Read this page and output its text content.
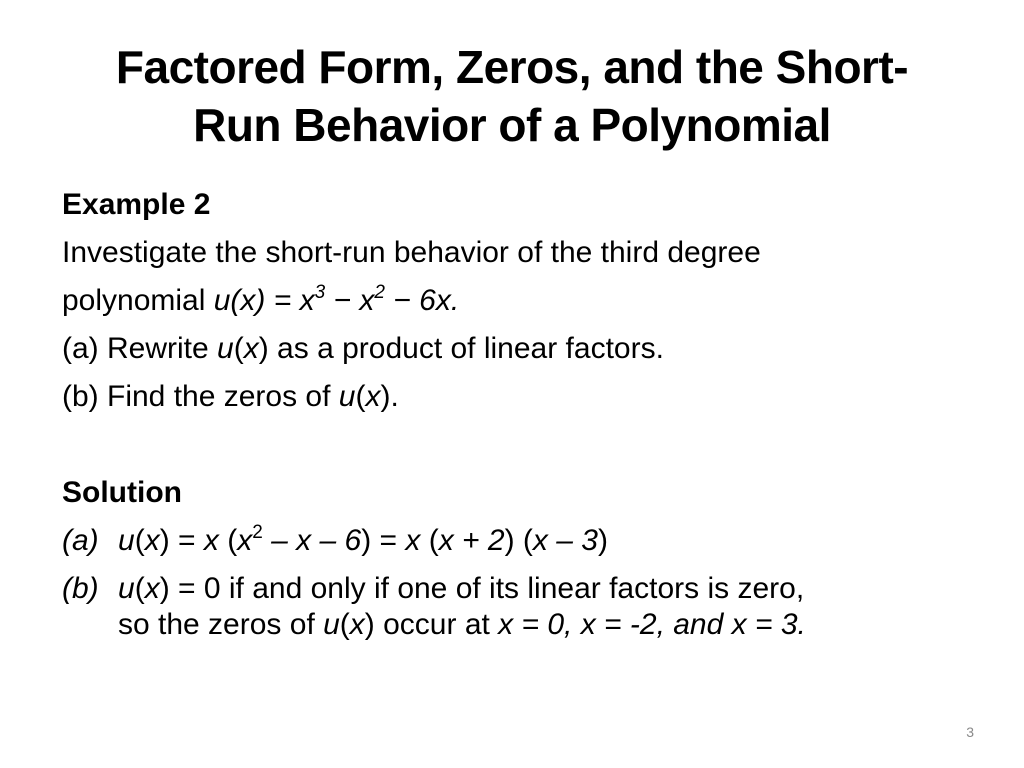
Factored Form, Zeros, and the Short-
Run Behavior of a Polynomial
Example 2
Investigate the short-run behavior of the third degree
polynomial $u(x) = x^3 - x^2 - 6x$.
(a) Rewrite u(x) as a product of linear factors.
(b) Find the zeros of u(x).
Solution
(a) u(x) = x $(x^2 - x - 6) = x$ (x + 2) (x – 3)
(b) u(x) = 0 if and only if one of its linear factors is zero,
so the zeros of u(x) occur at x = 0, x = -2, and x = 3.
3
